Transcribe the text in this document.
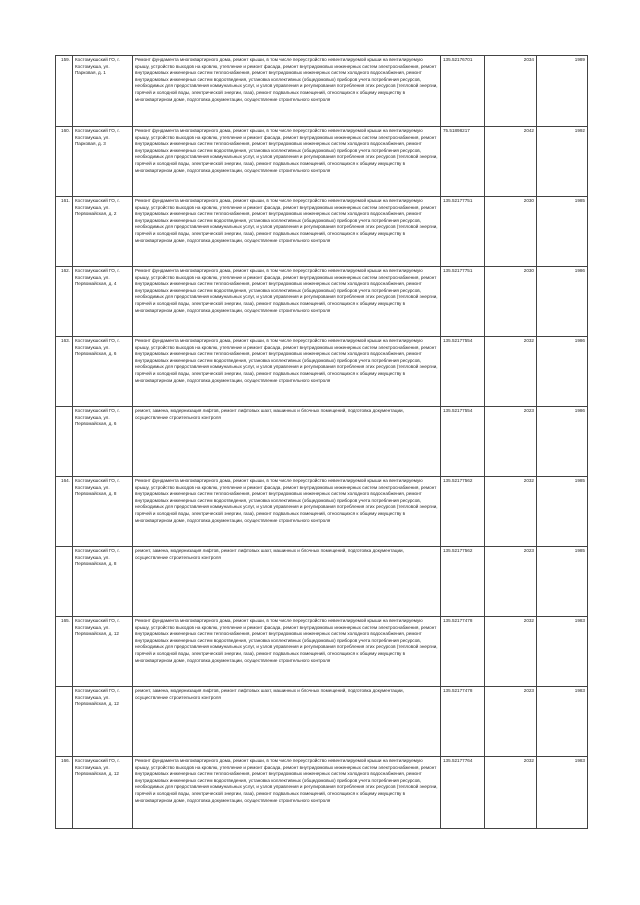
159.	Костомукшский ГО, г. Костомукша, ул. Парковая, д. 1	Ремонт фундамента многоквартирного дома, ремонт крыши, в том числе переустройство невентилируемой крыши на вентилируемую крышу, устройство выходов на кровлю, утепление и ремонт фасада, ремонт внутридомовых инженерных систем электроснабжения, ремонт внутридомовых инженерных систем теплоснабжения, ремонт внутридомовых инженерных систем холодного водоснабжения, ремонт внутридомовых инженерных систем водоотведения, установка коллективных (общедомовых) приборов учета потребления ресурсов, необходимых для предоставления коммунальных услуг, и узлов управления и регулирования потребления этих ресурсов (тепловой энергии, горячей и холодной воды, электрической энергии, газа), ремонт подвальных помещений, относящихся к общему имуществу в многоквартирном доме, подготовка документации, осуществление строительного контроля	135.52176701	2034	1989
160.	Костомукшский ГО, г. Костомукша, ул. Парковая, д. 3	Ремонт фундамента многоквартирного дома, ремонт крыши, в том числе переустройство невентилируемой крыши на вентилируемую крышу, устройство выходов на кровлю, утепление и ремонт фасада, ремонт внутридомовых инженерных систем электроснабжения, ремонт внутридомовых инженерных систем теплоснабжения, ремонт внутридомовых инженерных систем холодного водоснабжения, ремонт внутридомовых инженерных систем водоотведения, установка коллективных (общедомовых) приборов учета потребления ресурсов, необходимых для предоставления коммунальных услуг, и узлов управления и регулирования потребления этих ресурсов (тепловой энергии, горячей и холодной воды, электрической энергии, газа), ремонт подвальных помещений, относящихся к общему имуществу в многоквартирном доме, подготовка документации, осуществление строительного контроля	75.51898217	2042	1992
161.	Костомукшский ГО, г. Костомукша, ул. Первомайская, д. 2	Ремонт фундамента многоквартирного дома, ремонт крыши, в том числе переустройство невентилируемой крыши на вентилируемую крышу, устройство выходов на кровлю, утепление и ремонт фасада, ремонт внутридомовых инженерных систем электроснабжения, ремонт внутридомовых инженерных систем теплоснабжения, ремонт внутридомовых инженерных систем холодного водоснабжения, ремонт внутридомовых инженерных систем водоотведения, установка коллективных (общедомовых) приборов учета потребления ресурсов, необходимых для предоставления коммунальных услуг, и узлов управления и регулирования потребления этих ресурсов (тепловой энергии, горячей и холодной воды, электрической энергии, газа), ремонт подвальных помещений, относящихся к общему имуществу в многоквартирном доме, подготовка документации, осуществление строительного контроля	135.52177751	2030	1985
162.	Костомукшский ГО, г. Костомукша, ул. Первомайская, д. 4	Ремонт фундамента многоквартирного дома, ремонт крыши, в том числе переустройство невентилируемой крыши на вентилируемую крышу, устройство выходов на кровлю, утепление и ремонт фасада, ремонт внутридомовых инженерных систем электроснабжения, ремонт внутридомовых инженерных систем теплоснабжения, ремонт внутридомовых инженерных систем холодного водоснабжения, ремонт внутридомовых инженерных систем водоотведения, установка коллективных (общедомовых) приборов учета потребления ресурсов, необходимых для предоставления коммунальных услуг, и узлов управления и регулирования потребления этих ресурсов (тепловой энергии, горячей и холодной воды, электрической энергии, газа), ремонт подвальных помещений, относящихся к общему имуществу в многоквартирном доме, подготовка документации, осуществление строительного контроля	135.52177751	2030	1986
163.	Костомукшский ГО, г. Костомукша, ул. Первомайская, д. 6	Ремонт фундамента многоквартирного дома, ремонт крыши, в том числе переустройство невентилируемой крыши на вентилируемую крышу, устройство выходов на кровлю, утепление и ремонт фасада, ремонт внутридомовых инженерных систем электроснабжения, ремонт внутридомовых инженерных систем теплоснабжения, ремонт внутридомовых инженерных систем холодного водоснабжения, ремонт внутридомовых инженерных систем водоотведения, установка коллективных (общедомовых) приборов учета потребления ресурсов, необходимых для предоставления коммунальных услуг, и узлов управления и регулирования потребления этих ресурсов (тепловой энергии, горячей и холодной воды, электрической энергии, газа), ремонт подвальных помещений, относящихся к общему имуществу в многоквартирном доме, подготовка документации, осуществление строительного контроля	135.52177554	2032	1986
	Костомукшский ГО, г. Костомукша, ул. Первомайская, д. 6	ремонт, замена, модернизация лифтов, ремонт лифтовых шахт, машинных и блочных помещений, подготовка документации, осуществление строительного контроля	135.52177554	2023	1986
164.	Костомукшский ГО, г. Костомукша, ул. Первомайская, д. 8	Ремонт фундамента многоквартирного дома, ремонт крыши, в том числе переустройство невентилируемой крыши на вентилируемую крышу, устройство выходов на кровлю, утепление и ремонт фасада, ремонт внутридомовых инженерных систем электроснабжения, ремонт внутридомовых инженерных систем теплоснабжения, ремонт внутридомовых инженерных систем холодного водоснабжения, ремонт внутридомовых инженерных систем водоотведения, установка коллективных (общедомовых) приборов учета потребления ресурсов, необходимых для предоставления коммунальных услуг, и узлов управления и регулирования потребления этих ресурсов (тепловой энергии, горячей и холодной воды, электрической энергии, газа), ремонт подвальных помещений, относящихся к общему имуществу в многоквартирном доме, подготовка документации, осуществление строительного контроля	135.52177562	2032	1985
	Костомукшский ГО, г. Костомукша, ул. Первомайская, д. 8	ремонт, замена, модернизация лифтов, ремонт лифтовых шахт, машинных и блочных помещений, подготовка документации, осуществление строительного контроля	135.52177562	2023	1985
165.	Костомукшский ГО, г. Костомукша, ул. Первомайская, д. 12	Ремонт фундамента многоквартирного дома, ремонт крыши, в том числе переустройство невентилируемой крыши на вентилируемую крышу, устройство выходов на кровлю, утепление и ремонт фасада, ремонт внутридомовых инженерных систем электроснабжения, ремонт внутридомовых инженерных систем теплоснабжения, ремонт внутридомовых инженерных систем холодного водоснабжения, ремонт внутридомовых инженерных систем водоотведения, установка коллективных (общедомовых) приборов учета потребления ресурсов, необходимых для предоставления коммунальных услуг, и узлов управления и регулирования потребления этих ресурсов (тепловой энергии, горячей и холодной воды, электрической энергии, газа), ремонт подвальных помещений, относящихся к общему имуществу в многоквартирном доме, подготовка документации, осуществление строительного контроля	135.52177478	2032	1983
	Костомукшский ГО, г. Костомукша, ул. Первомайская, д. 12	ремонт, замена, модернизация лифтов, ремонт лифтовых шахт, машинных и блочных помещений, подготовка документации, осуществление строительного контроля	135.52177478	2023	1983
166.	Костомукшский ГО, г. Костомукша, ул. Первомайская, д. 12	Ремонт фундамента многоквартирного дома, ремонт крыши, в том числе переустройство невентилируемой крыши на вентилируемую крышу, устройство выходов на кровлю, утепление и ремонт фасада, ремонт внутридомовых инженерных систем электроснабжения, ремонт внутридомовых инженерных систем теплоснабжения, ремонт внутридомовых инженерных систем холодного водоснабжения, ремонт внутридомовых инженерных систем водоотведения, установка коллективных (общедомовых) приборов учета потребления ресурсов, необходимых для предоставления коммунальных услуг, и узлов управления и регулирования потребления этих ресурсов (тепловой энергии, горячей и холодной воды, электрической энергии, газа), ремонт подвальных помещений, относящихся к общему имуществу в многоквартирном доме, подготовка документации, осуществление строительного контроля	135.52177764	2032	1983
